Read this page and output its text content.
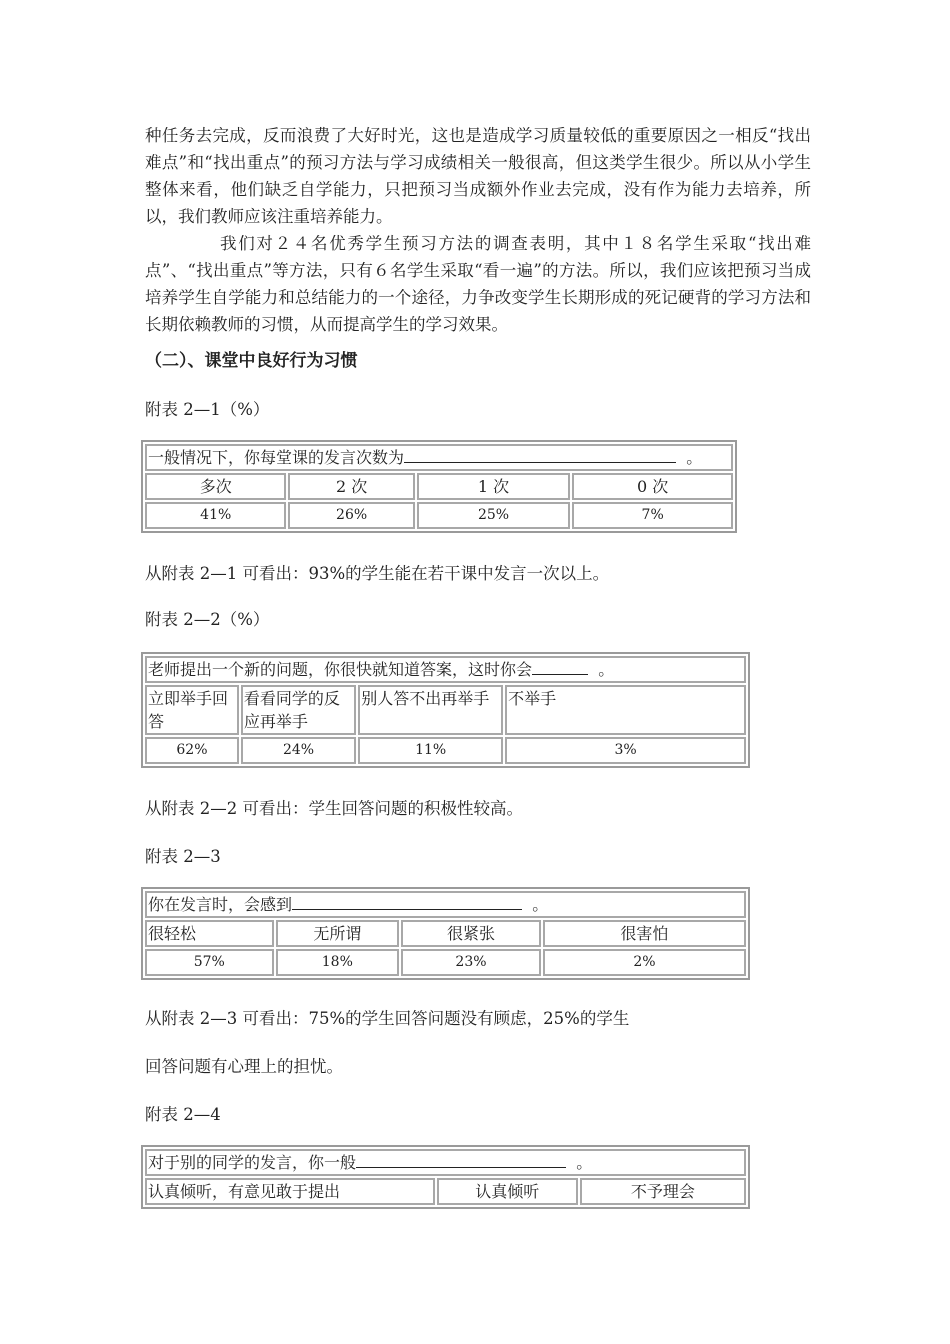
种任务去完成，反而浪费了大好时光，这也是造成学习质量较低的重要原因之一相反“找出难点”和“找出重点”的预习方法与学习成绩相关一般很高，但这类学生很少。所以从小学生整体来看，他们缺乏自学能力，只把预习当成额外作业去完成，没有作为能力去培养，所以，我们教师应该注重培养能力。

我们对２４名优秀学生预习方法的调查表明，其中１８名学生采取“找出难点”、“找出重点”等方法，只有６名学生采取“看一遍”的方法。所以，我们应该把预习当成培养学生自学能力和总结能力的一个途径，力争改变学生长期形成的死记硬背的学习方法和长期依赖教师的习惯，从而提高学生的学习效果。

（二）、课堂中良好行为习惯
附表 2—1（%）
一般情况下，你每堂课的发言次数为 。			
多次	2 次	1 次	0 次
41%	26%	25%	7%
从附表 2—1 可看出：93%的学生能在若干课中发言一次以上。
附表 2—2（%）
老师提出一个新的问题，你很快就知道答案，这时你会 。			
立即举手回答	看看同学的反应再举手	别人答不出再举手	不举手
62%	24%	11%	3%
从附表 2—2 可看出：学生回答问题的积极性较高。
附表 2—3
你在发言时，会感到 。			
很轻松	无所谓	很紧张	很害怕
57%	18%	23%	2%
从附表 2—3 可看出：75%的学生回答问题没有顾虑，25%的学生
回答问题有心理上的担忧。
附表 2—4
对于别的同学的发言，你一般	。
认真倾听，有意见敢于提出	认真倾听	不予理会
